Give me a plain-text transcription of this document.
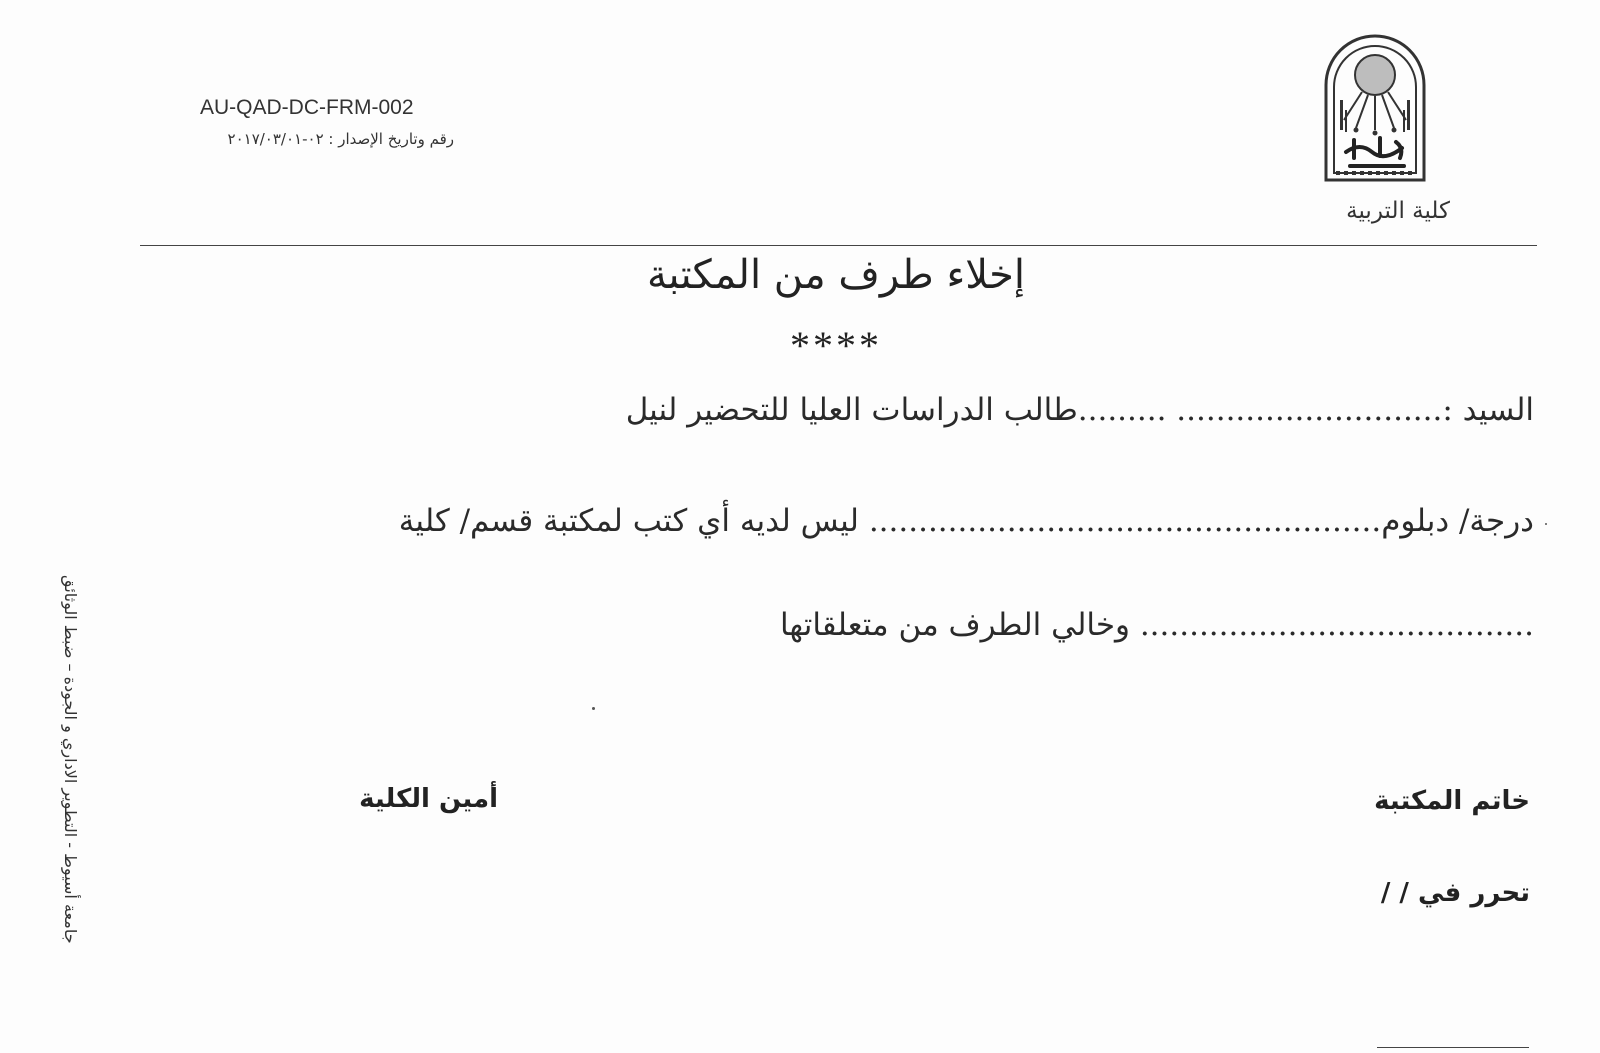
كلية التربية
AU-QAD-DC-FRM-002
رقم وتاريخ الإصدار : ٠٢-٢٠١٧/٠٣/٠١
إخلاء طرف من المكتبة
****
السيد :........................... .........طالب الدراسات العليا للتحضير لنيل
درجة/ دبلوم.................................................... ليس لديه أي كتب لمكتبة قسم/ كلية
........................................ وخالي الطرف من متعلقاتها
خاتم المكتبة
أمين الكلية
تحرر في / /
جامعة أسيوط - التطوير الاداري و الجودة – ضبط الوثائق
